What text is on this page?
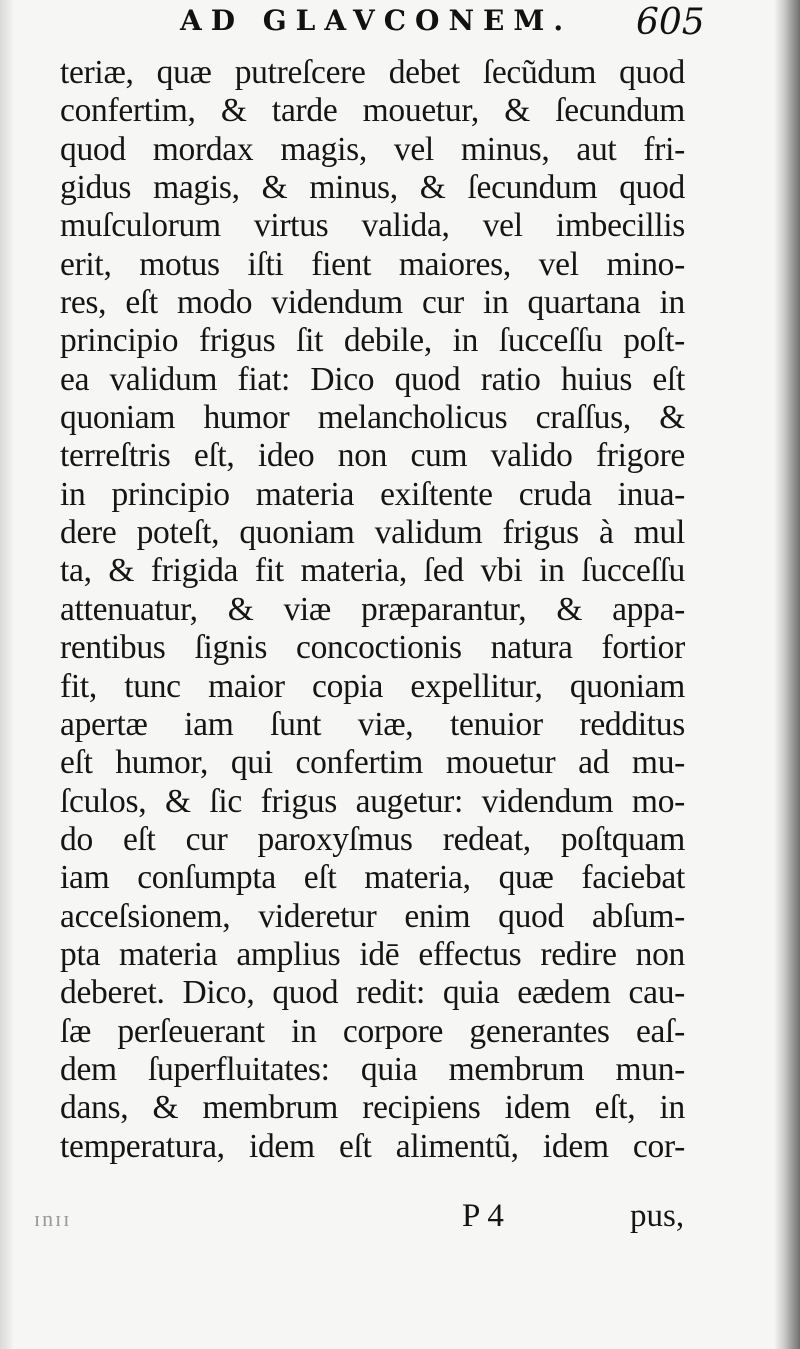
AD GLAVCONEM.	605
teriæ, quæ putreſcere debet ſecũdum quod
confertim, & tarde mouetur, & ſecundum
quod mordax magis, vel minus, aut fri-
gidus magis, & minus, & ſecundum quod
muſculorum virtus valida, vel imbecillis
erit, motus iſti fient maiores, vel mino-
res, eſt modo videndum cur in quartana in
principio frigus ſit debile, in ſucceſſu poſt-
ea validum fiat: Dico quod ratio huius eſt
quoniam humor melancholicus craſſus, &
terreſtris eſt, ideo non cum valido frigore
in principio materia exiſtente cruda inua-
dere poteſt, quoniam validum frigus à mul
ta, & frigida fit materia, ſed vbi in ſucceſſu
attenuatur, & viæ præparantur, & appa-
rentibus ſignis concoctionis natura fortior
fit, tunc maior copia expellitur, quoniam
apertæ iam ſunt viæ, tenuior redditus
eſt humor, qui confertim mouetur ad mu-
ſculos, & ſic frigus augetur: videndum mo-
do eſt cur paroxyſmus redeat, poſtquam
iam conſumpta eſt materia, quæ faciebat
acceſsionem, videretur enim quod abſum-
pta materia amplius idē effectus redire non
deberet. Dico, quod redit: quia eædem cau-
ſæ perſeuerant in corpore generantes eaſ-
dem ſuperfluitates: quia membrum mun-
dans, & membrum recipiens idem eſt, in
temperatura, idem eſt alimentũ, idem cor-
ɪnɪɪ	P 4	pus,
